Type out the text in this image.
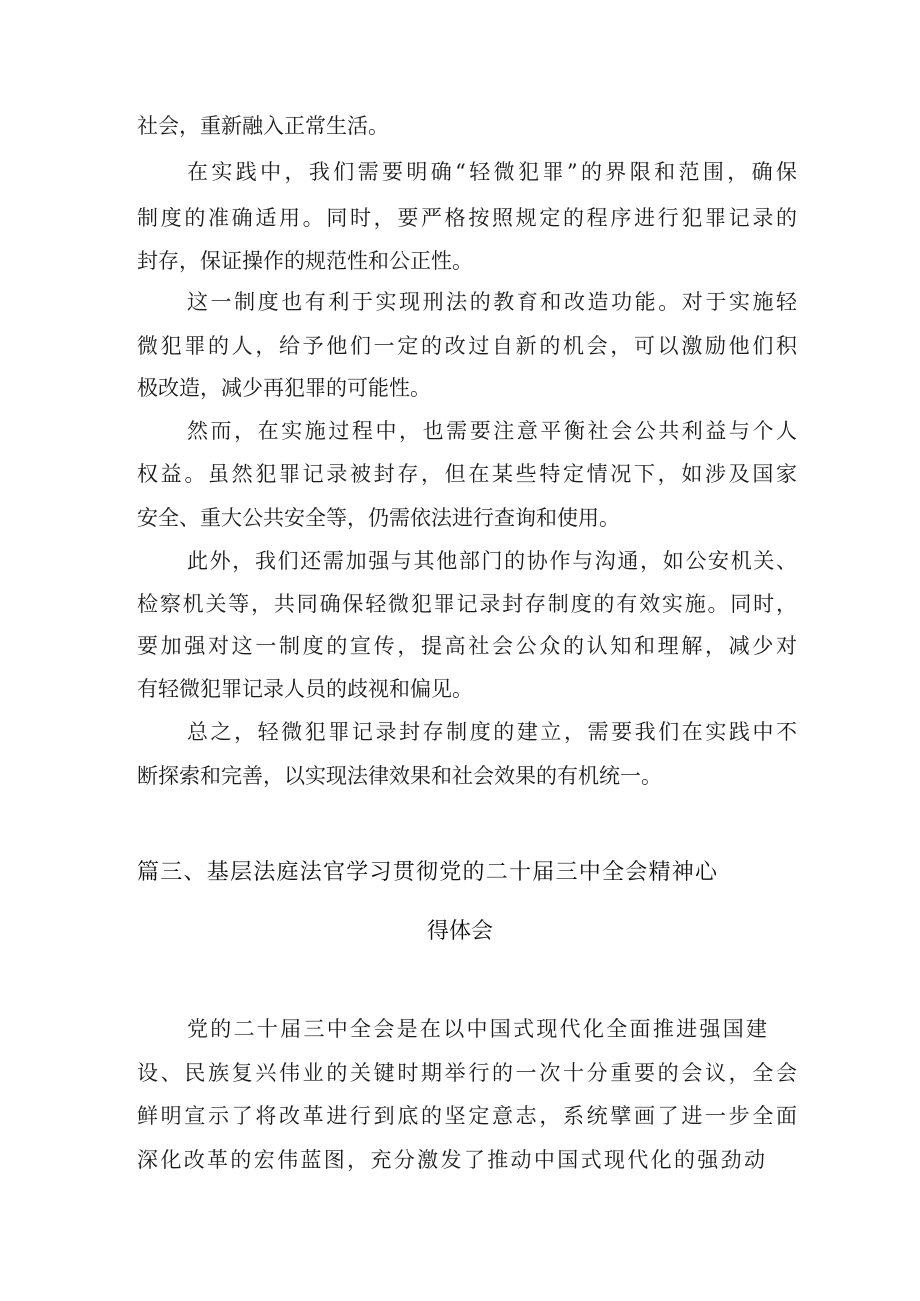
社会，重新融入正常生活。
在实践中，我们需要明确“轻微犯罪”的界限和范围，确保
制度的准确适用。同时，要严格按照规定的程序进行犯罪记录的
封存，保证操作的规范性和公正性。
这一制度也有利于实现刑法的教育和改造功能。对于实施轻
微犯罪的人，给予他们一定的改过自新的机会，可以激励他们积
极改造，减少再犯罪的可能性。
然而，在实施过程中，也需要注意平衡社会公共利益与个人
权益。虽然犯罪记录被封存，但在某些特定情况下，如涉及国家
安全、重大公共安全等，仍需依法进行查询和使用。
此外，我们还需加强与其他部门的协作与沟通，如公安机关、
检察机关等，共同确保轻微犯罪记录封存制度的有效实施。同时，
要加强对这一制度的宣传，提高社会公众的认知和理解，减少对
有轻微犯罪记录人员的歧视和偏见。
总之，轻微犯罪记录封存制度的建立，需要我们在实践中不
断探索和完善，以实现法律效果和社会效果的有机统一。
篇三、基层法庭法官学习贯彻党的二十届三中全会精神心
得体会
党的二十届三中全会是在以中国式现代化全面推进强国建
设、民族复兴伟业的关键时期举行的一次十分重要的会议，全会
鲜明宣示了将改革进行到底的坚定意志，系统擘画了进一步全面
深化改革的宏伟蓝图，充分激发了推动中国式现代化的强劲动
